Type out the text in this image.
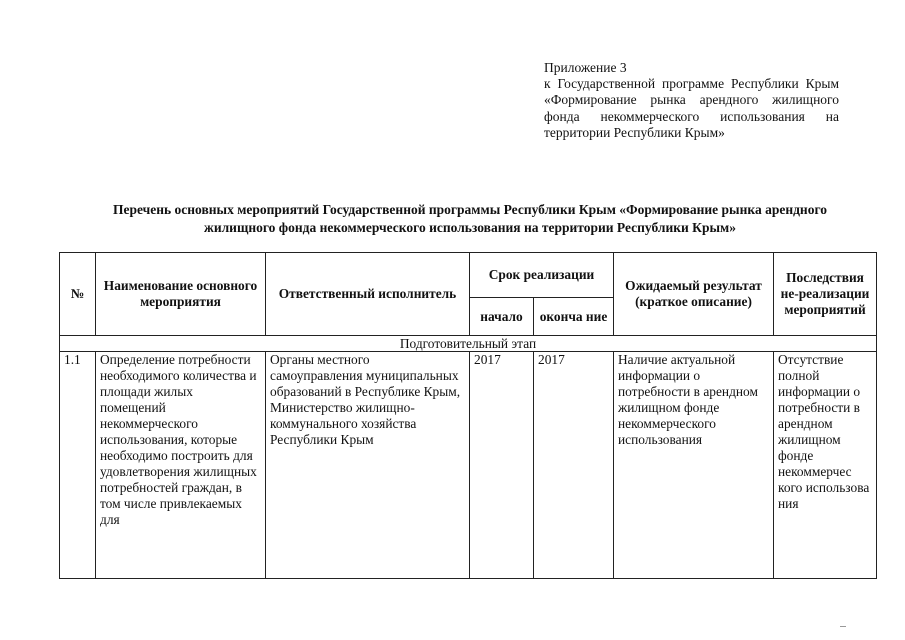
Приложение 3
к Государственной программе Республики Крым «Формирование рынка арендного жилищного фонда некоммерческого использования на территории Республики Крым»
Перечень основных мероприятий Государственной программы Республики Крым «Формирование рынка арендного жилищного фонда некоммерческого использования на территории Республики Крым»
№	Наименование основного мероприятия	Ответственный исполнитель	Срок реализации		Ожидаемый результат (краткое описание)	Последствия не-реализации мероприятий
			начало	оконча ние		
Подготовительный этап						
1.1	Определение потребности необходимого количества и площади жилых помещений некоммерческого использования, которые необходимо построить для удовлетворения жилищных потребностей граждан, в том числе привлекаемых для	Органы местного самоуправления муниципальных образований в Республике Крым, Министерство жилищно-коммунального хозяйства Республики Крым	2017	2017	Наличие актуальной информации о потребности в арендном жилищном фонде некоммерческого использования	Отсутствие полной информации о потребности в арендном жилищном фонде некоммерчес кого использова ния
